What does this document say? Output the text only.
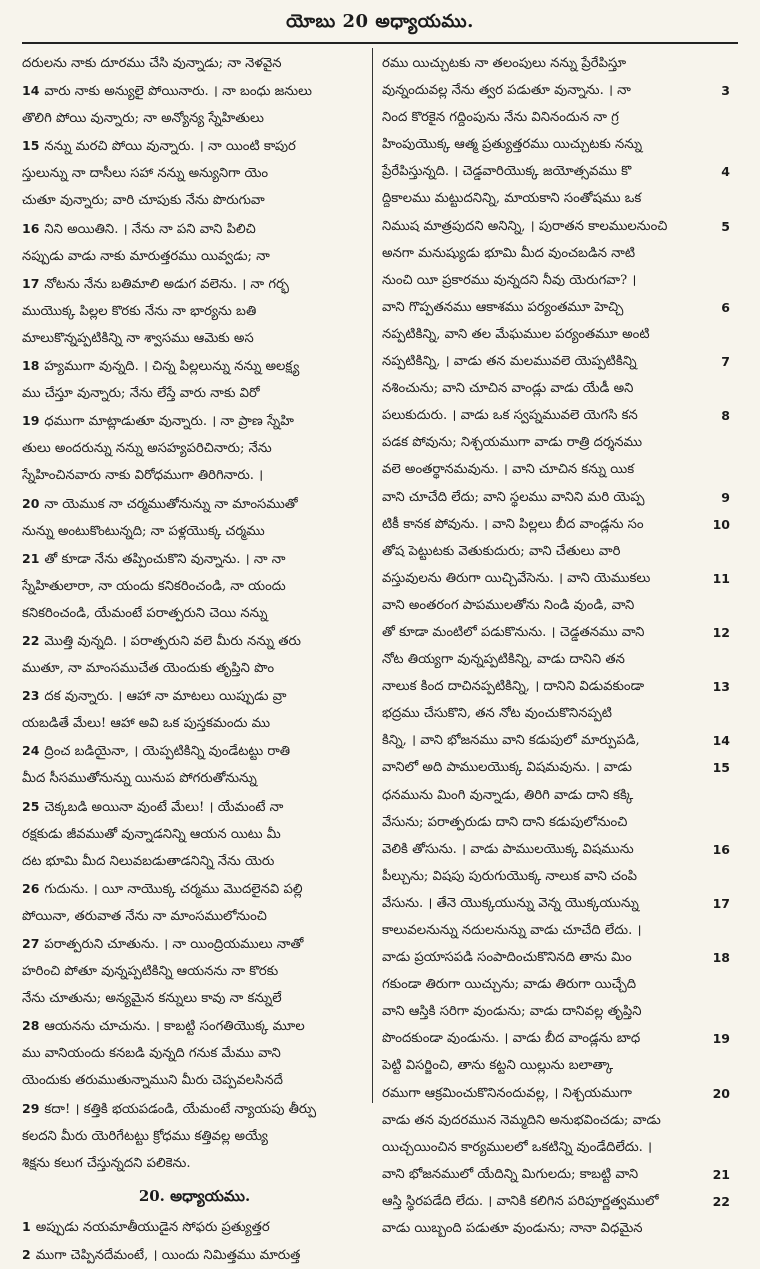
యోబు 20 అధ్యాయము.
దరులను నాకు దూరము చేసి వున్నాడు; నా నెళవైన
14 వారు నాకు అన్యులై పోయినారు. । నా బంధు జనులు
తొలిగి పోయి వున్నారు; నా అన్యోన్య స్నేహితులు
15 నన్ను మరచి పోయి వున్నారు. । నా యింటి కాపుర
స్తులున్ను నా దాసీలు సహా నన్ను అన్యునిగా యెం
చుతూ వున్నారు; వారి చూపుకు నేను పొరుగువా
16 నిని అయితిని. । నేను నా పని వాని పిలిచి
నప్పుడు వాడు నాకు మారుత్తరము యివ్వడు; నా
17 నోటను నేను బతిమాలి అడుగ వలెను. । నా గర్భ
ముయొక్క పిల్లల కొరకు నేను నా భార్యను బతి
మాలుకొన్నప్పటికిన్ని నా శ్వాసము ఆమెకు అస
18 హ్యముగా వున్నది. । చిన్న పిల్లలున్ను నన్ను అలక్ష్య
ము చేస్తూ వున్నారు; నేను లేస్తే వారు నాకు విరో
19 ధముగా మాట్లాడుతూ వున్నారు. । నా ప్రాణ స్నేహి
తులు అందరున్ను నన్ను అసహ్యపరిచినారు; నేను
స్నేహించినవారు నాకు విరోధముగా తిరిగినారు. ।
20 నా యెముక నా చర్మముతోనున్ను నా మాంసముతో
నున్ను అంటుకొంటున్నది; నా పళ్లయొక్క చర్మము
21 తో కూడా నేను తప్పించుకొని వున్నాను. । నా నా
స్నేహితులారా, నా యందు కనికరించండి, నా యందు
కనికరించండి, యేమంటే పరాత్పరుని చెయి నన్ను
22 మొత్తి వున్నది. । పరాత్పరుని వలె మీరు నన్ను తరు
ముతూ, నా మాంసముచేత యెందుకు తృప్తిని పొం
23 దక వున్నారు. । ఆహా నా మాటలు యిప్పుడు వ్రా
యబడితే మేలు! ఆహా అవి ఒక పుస్తకమందు ము
24 ద్రించ బడియైనా, । యెప్పటికిన్ని వుండేటట్టు రాతి
మీద సీసముతోనున్ను యినుప పోగరుతోనున్ను
25 చెక్కబడి అయినా వుంటే మేలు! । యేమంటే నా
రక్షకుడు జీవముతో వున్నాడనిన్ని ఆయన యిటు మీ
దట భూమి మీద నిలువబడుతాడనిన్ని నేను యెరు
26 గుదును. । యీ నాయొక్క చర్మము మొదలైనవి పల్లి
పోయినా, తరువాత నేను నా మాంసములోనుంచి
27 పరాత్పరుని చూతును. । నా యింద్రియములు నాతో
హరించి పోతూ వున్నప్పటికిన్ని ఆయనను నా కొరకు
నేను చూతును; అన్యమైన కన్నులు కావు నా కన్నులే
28 ఆయనను చూచును. । కాబట్టి సంగతియొక్క మూల
ము వానియందు కనబడి వున్నది గనుక మేము వాని
యెందుకు తరుముతున్నాముని మీరు చెప్పవలసినదే
29 కదా! । కత్తికి భయపడండి, యేమంటే న్యాయపు తీర్పు
కలదని మీరు యెరిగేటట్టు క్రోధము కత్తివల్ల అయ్యే
శిక్షను కలుగ చేస్తున్నదని పలికెను.
20. అధ్యాయము.
1 అప్పుడు నయమాతీయుడైన సోఫరు ప్రత్యుత్తర
2 ముగా చెప్పినదేమంటే, । యిందు నిమిత్తము మారుత్త
రము యిచ్చుటకు నా తలంపులు నన్ను ప్రేరేపిస్తూ
3
వున్నందువల్ల నేను త్వర పడుతూ వున్నాను. । నా
నింద కొరకైన గద్దింపును నేను వినినందున నా గ్ర
హింపుయొక్క ఆత్మ ప్రత్యుత్తరము యిచ్చుటకు నన్ను
4
ప్రేరేపిస్తున్నది. । చెడ్డవారియొక్క జయోత్సవము కొ
ద్దికాలము మట్టుదనిన్ని, మాయకాని సంతోషము ఒక
5
నిముష మాత్రపుదని అనిన్ని, । పురాతన కాలములనుంచి
అనగా మనుష్యుడు భూమి మీద వుంచబడిన నాటి
నుంచి యీ ప్రకారము వున్నదని నీవు యెరుగవా? ।
6
వాని గొప్పతనము ఆకాశము పర్యంతమూ హెచ్చి
నప్పటికిన్ని, వాని తల మేఘముల పర్యంతమూ అంటి
7
నప్పటికిన్ని, । వాడు తన మలమువలె యెప్పటికిన్ని
నశించును; వాని చూచిన వాండ్లు వాడు యేడీ అని
8
పలుకుదురు. । వాడు ఒక స్వప్నమువలె యెగసి కన
పడక పోవును; నిశ్చయముగా వాడు రాత్రి దర్శనము
వలె అంతర్థానమవును. । వాని చూచిన కన్ను యిక
9
వాని చూచేది లేదు; వాని స్థలము వానిని మరి యెప్ప
10
టికీ కానక పోవును. । వాని పిల్లలు బీద వాండ్లను సం
తోష పెట్టుటకు వెతుకుదురు; వాని చేతులు వారి
11
వస్తువులను తిరుగా యిచ్చివేసెను. । వాని యెముకలు
వాని అంతరంగ పాపములతోను నిండి వుండి, వాని
12
తో కూడా మంటిలో పడుకొనును. । చెడ్డతనము వాని
నోట తియ్యగా వున్నప్పటికిన్ని, వాడు దానిని తన
13
నాలుక కింద దాచినప్పటికిన్ని, । దానిని విడువకుండా
భద్రము చేసుకొని, తన నోట వుంచుకొనినప్పటి
14
కిన్ని, । వాని భోజనము వాని కడుపులో మార్పుపడి,
15
వానిలో అది పాములయొక్క విషమవును. । వాడు
ధనమును మింగి వున్నాడు, తిరిగి వాడు దాని కక్కి
వేసును; పరాత్పరుడు దాని దాని కడుపులోనుంచి
16
వెలికి తోసును. । వాడు పాములయొక్క విషమును
పీల్చును; విషపు పురుగుయొక్క నాలుక వాని చంపి
17
వేసును. । తేనె యొక్కయున్ను వెన్న యొక్కయున్ను
కాలువలనున్ను నదులనున్ను వాడు చూచేది లేదు. ।
18
వాడు ప్రయాసపడి సంపాదించుకొనినది తాను మిం
గకుండా తిరుగా యిచ్చును; వాడు తిరుగా యిచ్చేది
వాని ఆస్తికి సరిగా వుండును; వాడు దానివల్ల తృప్తిని
19
పొందకుండా వుండును. । వాడు బీద వాండ్లను బాధ
పెట్టి విసర్జించి, తాను కట్టని యిల్లును బలాత్కా
20
రముగా ఆక్రమించుకొనినందువల్ల, । నిశ్చయముగా
వాడు తన వుదరమున నెమ్మదిని అనుభవించడు; వాడు
యిచ్చయించిన కార్యములలో ఒకటిన్ని వుండేదిలేదు. ।
21
వాని భోజనములో యేదిన్ని మిగులదు; కాబట్టి వాని
22
ఆస్తి స్థిరపడేది లేదు. । వానికి కలిగిన పరిపూర్ణత్వములో
వాడు యిబ్బంది పడుతూ వుండును; నానా విధమైన
